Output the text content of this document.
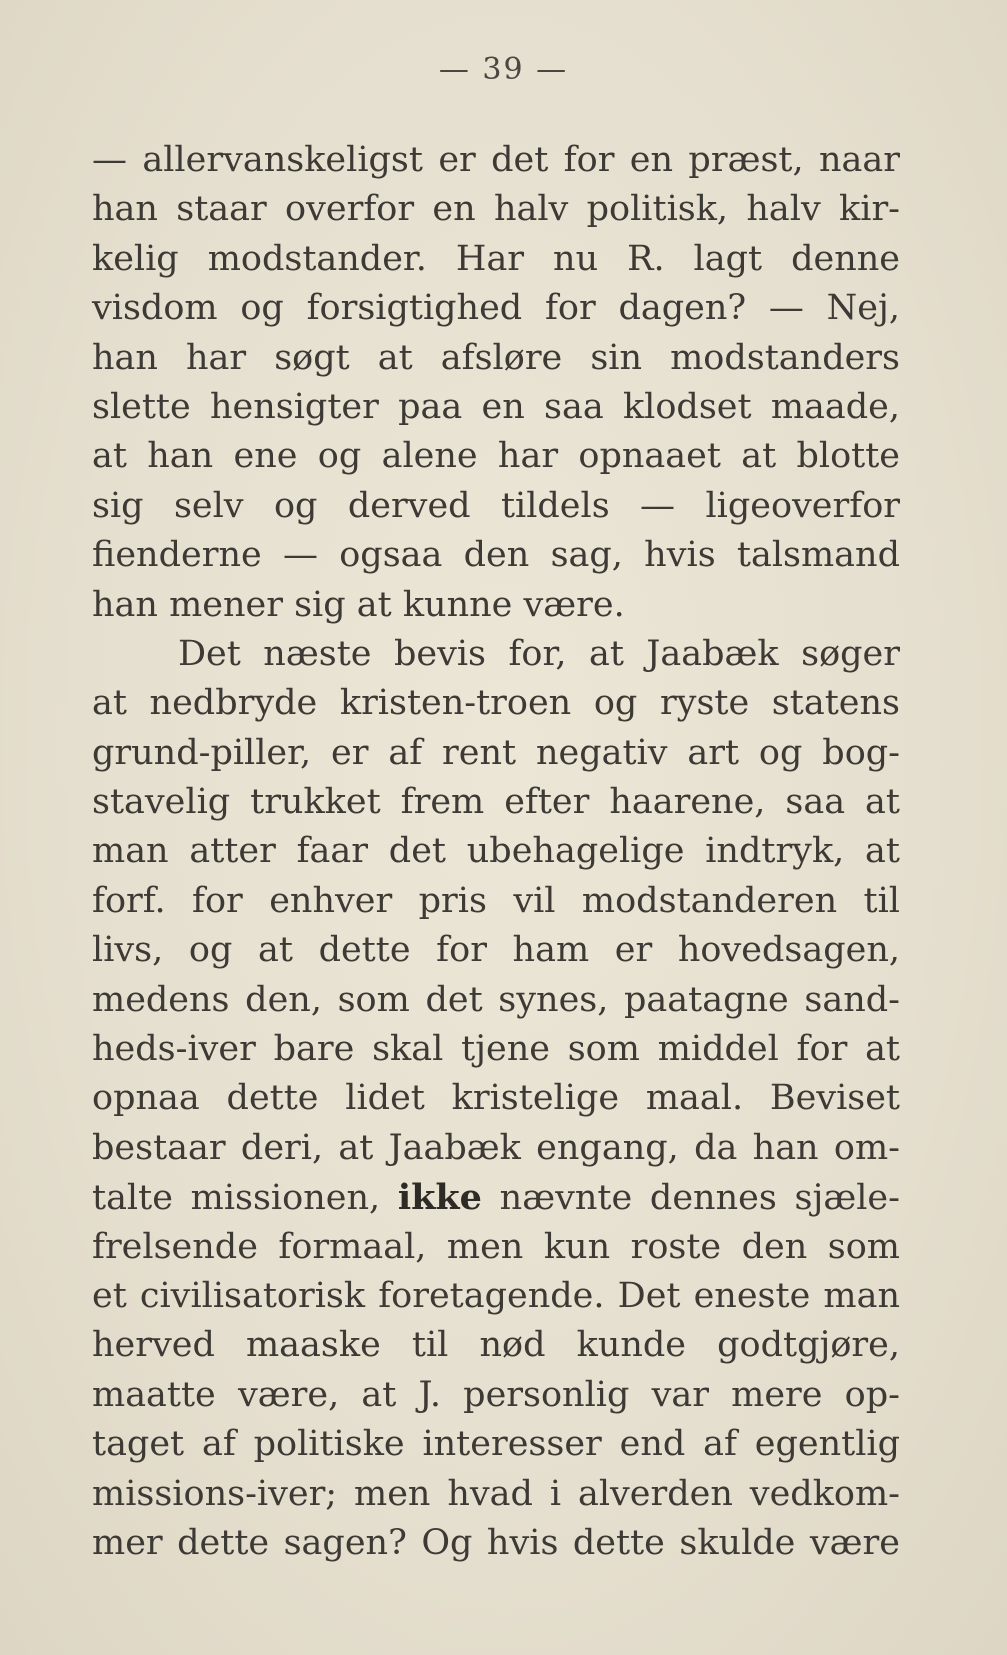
— 39 —
— allervanskeligst er det for en præst, naar
han staar overfor en halv politisk, halv kir-
kelig modstander. Har nu R. lagt denne
visdom og forsigtighed for dagen? — Nej,
han har søgt at afsløre sin modstanders
slette hensigter paa en saa klodset maade,
at han ene og alene har opnaaet at blotte
sig selv og derved tildels — ligeoverfor
fienderne — ogsaa den sag, hvis talsmand
han mener sig at kunne være.
Det næste bevis for, at Jaabæk søger
at nedbryde kristen-troen og ryste statens
grund-piller, er af rent negativ art og bog-
stavelig trukket frem efter haarene, saa at
man atter faar det ubehagelige indtryk, at
forf. for enhver pris vil modstanderen til
livs, og at dette for ham er hovedsagen,
medens den, som det synes, paatagne sand-
heds-iver bare skal tjene som middel for at
opnaa dette lidet kristelige maal. Beviset
bestaar deri, at Jaabæk engang, da han om-
talte missionen, ikke nævnte dennes sjæle-
frelsende formaal, men kun roste den som
et civilisatorisk foretagende. Det eneste man
herved maaske til nød kunde godtgjøre,
maatte være, at J. personlig var mere op-
taget af politiske interesser end af egentlig
missions-iver; men hvad i alverden vedkom-
mer dette sagen? Og hvis dette skulde være
